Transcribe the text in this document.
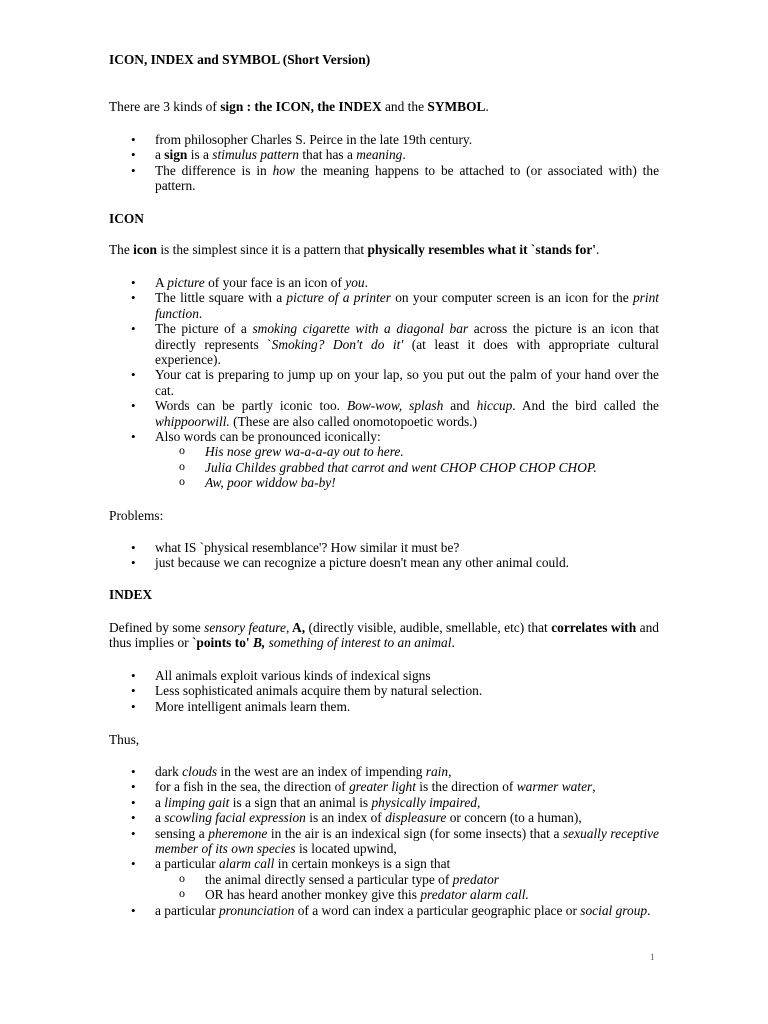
ICON, INDEX and SYMBOL (Short Version)

There are 3 kinds of sign : the ICON, the INDEX and the SYMBOL.

• from philosopher Charles S. Peirce in the late 19th century.
• a sign is a stimulus pattern that has a meaning.
• The difference is in how the meaning happens to be attached to (or associated with) the pattern.
ICON

The icon is the simplest since it is a pattern that physically resembles what it `stands for'.

• A picture of your face is an icon of you.
• The little square with a picture of a printer on your computer screen is an icon for the print function.
• The picture of a smoking cigarette with a diagonal bar across the picture is an icon that directly represents `Smoking? Don't do it' (at least it does with appropriate cultural experience).
• Your cat is preparing to jump up on your lap, so you put out the palm of your hand over the cat.
• Words can be partly iconic too. Bow-wow, splash and hiccup. And the bird called the whippoorwill. (These are also called onomotopoetic words.)
• Also words can be pronounced iconically:
o His nose grew wa-a-a-ay out to here.
o Julia Childes grabbed that carrot and went CHOP CHOP CHOP CHOP.
o Aw, poor widdow ba-by!

Problems:

• what IS `physical resemblance'? How similar it must be?
• just because we can recognize a picture doesn't mean any other animal could.
INDEX

Defined by some sensory feature, A, (directly visible, audible, smellable, etc) that correlates with and thus implies or `points to' B, something of interest to an animal.

• All animals exploit various kinds of indexical signs
• Less sophisticated animals acquire them by natural selection.
• More intelligent animals learn them.

Thus,

• dark clouds in the west are an index of impending rain,
• for a fish in the sea, the direction of greater light is the direction of warmer water,
• a limping gait is a sign that an animal is physically impaired,
• a scowling facial expression is an index of displeasure or concern (to a human),
• sensing a pheremone in the air is an indexical sign (for some insects) that a sexually receptive member of its own species is located upwind,
• a particular alarm call in certain monkeys is a sign that
o the animal directly sensed a particular type of predator
o OR has heard another monkey give this predator alarm call.
• a particular pronunciation of a word can index a particular geographic place or social group.
1
